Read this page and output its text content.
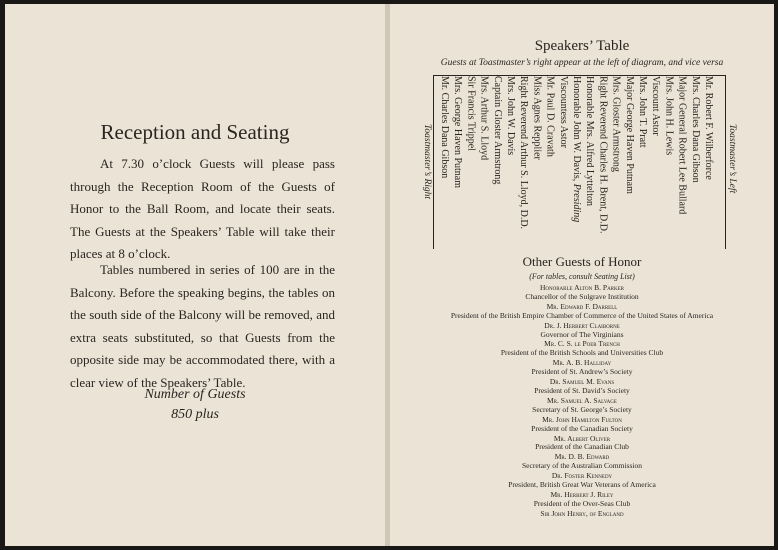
Reception and Seating

At 7.30 o’clock Guests will please pass through the Reception Room of the Guests of Honor to the Ball Room, and locate their seats. The Guests at the Speakers’ Table will take their places at 8 o’clock.

Tables numbered in series of 100 are in the Balcony. Before the speaking begins, the tables on the south side of the Balcony will be removed, and extra seats substituted, so that Guests from the opposite side may be accommodated there, with a clear view of the Speakers’ Table.

Number of Guests

850 plus

Speakers’ Table
Guests at Toastmaster’s right appear at the left of diagram, and vice versa
Toastmaster’s Left
Toastmaster’s Right
Other Guests of Honor
(For tables, consult Seating List)
Honorable Alton B. Parker
Chancellor of the Sulgrave Institution
Mr. Edward F. Darrell
President of the British Empire Chamber of Commerce of the United States of America
Dr. J. Herbert Claiborne
Governor of The Virginians
Mr. C. S. le Poer Trench
President of the British Schools and Universities Club
Mr. A. B. Halliday
President of St. Andrew’s Society
Dr. Samuel M. Evans
President of St. David’s Society
Mr. Samuel A. Salvage
Secretary of St. George’s Society
Mr. John Hamilton Fulton
President of the Canadian Society
Mr. Albert Oliver
President of the Canadian Club
Mr. D. B. Edward
Secretary of the Australian Commission
Dr. Foster Kennedy
President, British Great War Veterans of America
Mr. Herbert J. Riley
President of the Over-Seas Club
Sir John Henry, of England
Mr. Robert F. Wilberforce
Mrs. Charles Dana Gibson
Major General Robert Lee Bullard
Mrs. John H. Lewis
Viscount Astor
Mrs. John T. Pratt
Major George Haven Putnam
Mrs. Gloster Armstrong
Right Reverend Charles H. Brent, D.D.
Honorable Mrs. Alfred Lyttelton
Honorable John W. Davis, Presiding
Viscountess Astor
Mr. Paul D. Cravath
Miss Agnes Repplier
Right Reverend Arthur S. Lloyd, D.D.
Mrs. John W. Davis
Captain Gloster Armstrong
Mrs. Arthur S. Lloyd
Sir Francis Trippel
Mrs. George Haven Putnam
Mr. Charles Dana Gibson
